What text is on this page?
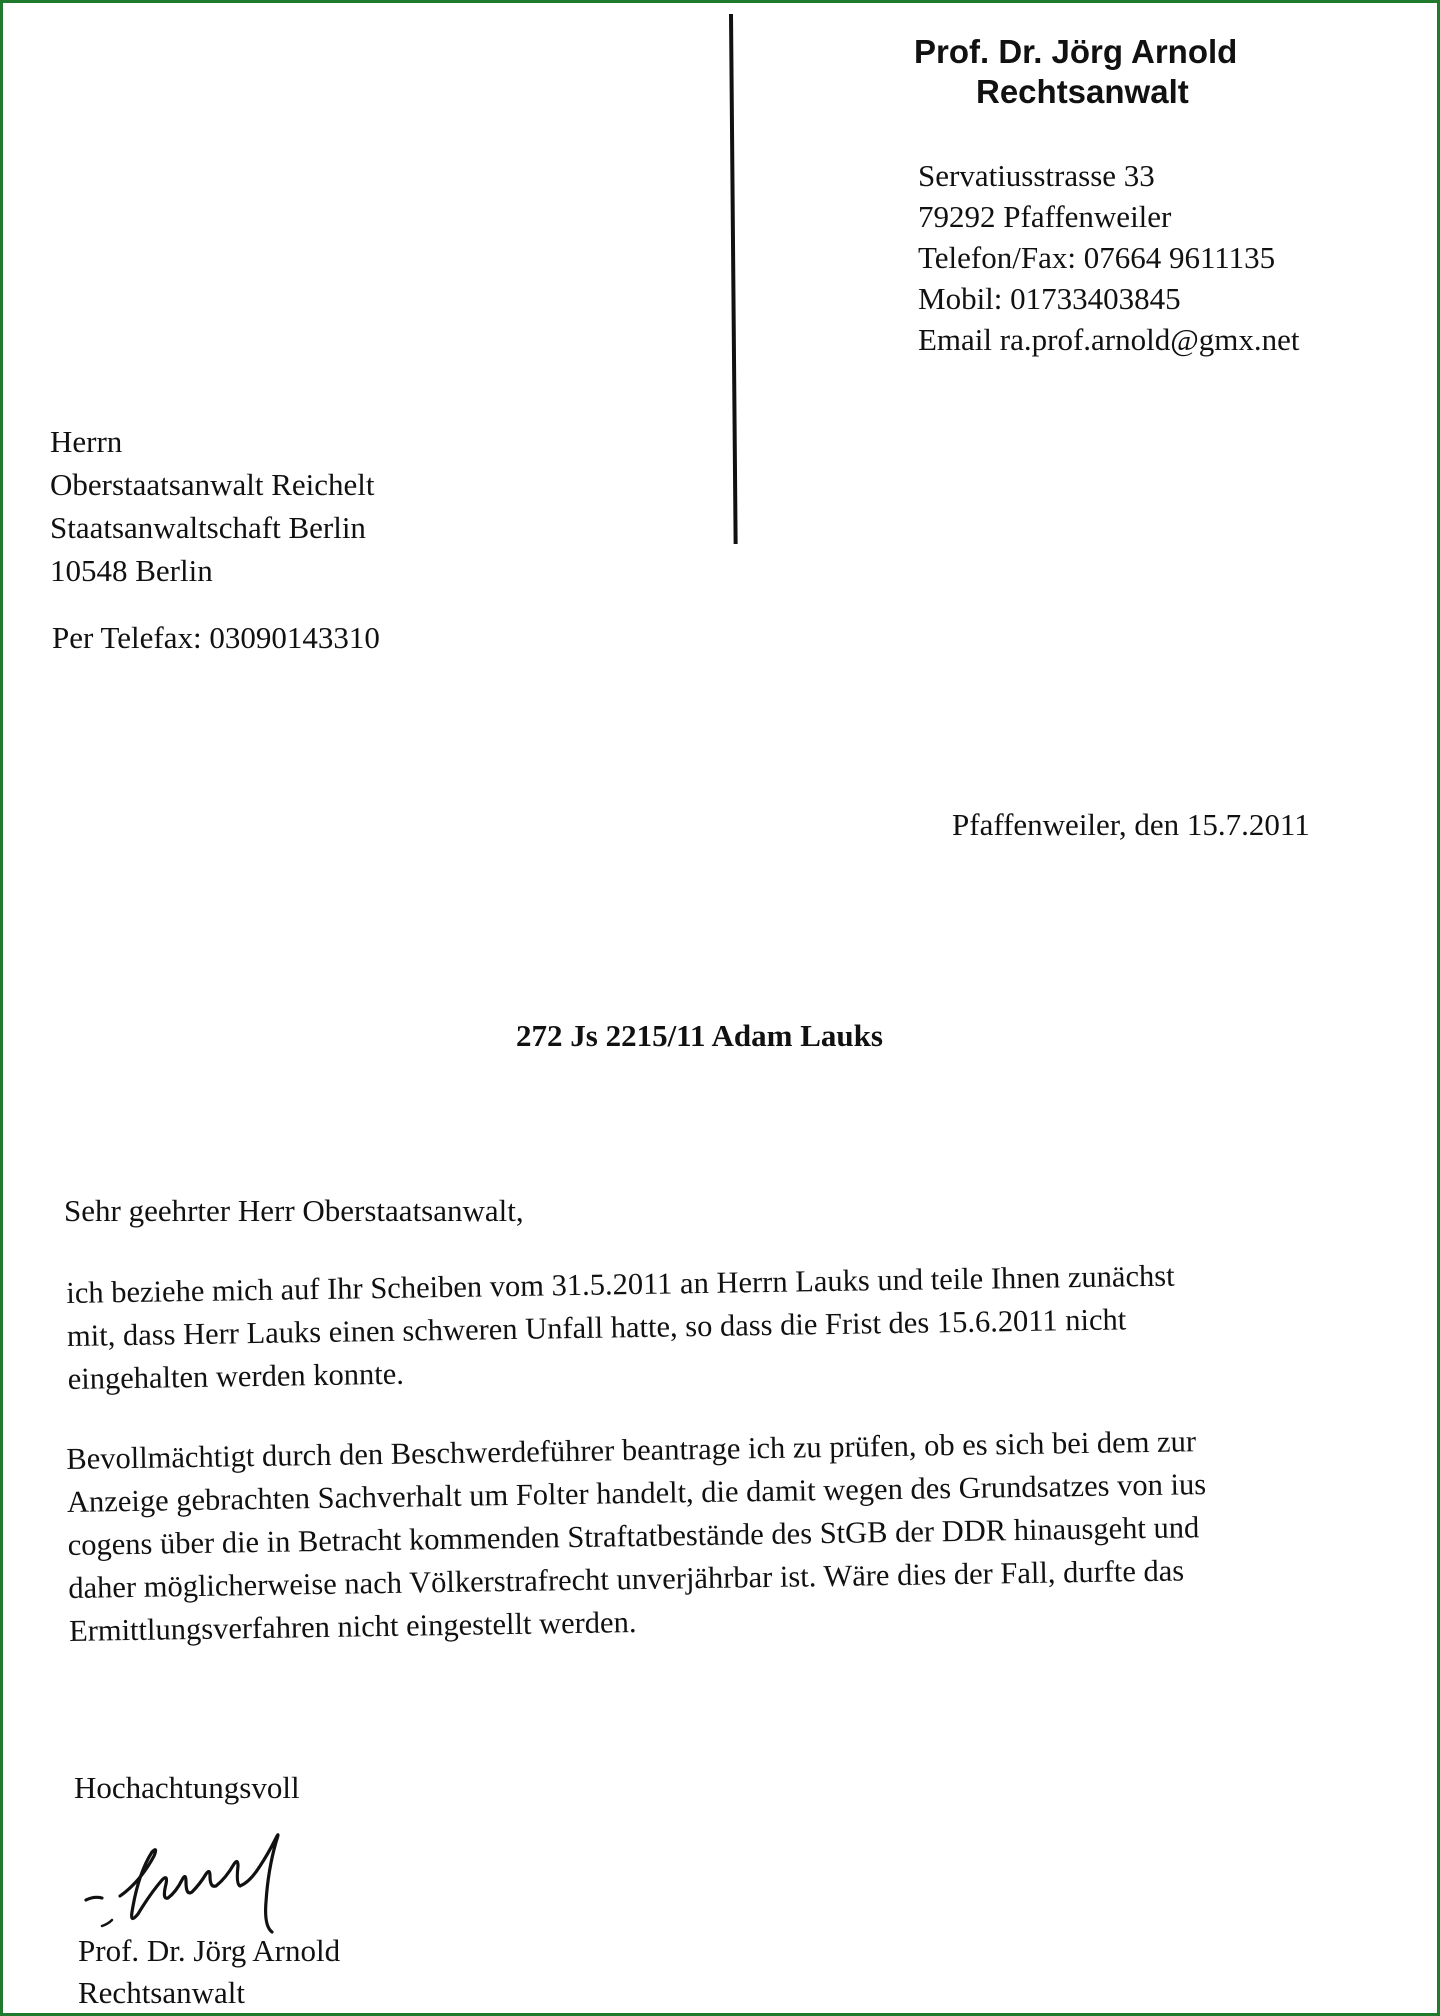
Prof. Dr. Jörg Arnold
Rechtsanwalt
Servatiusstrasse 33
79292 Pfaffenweiler
Telefon/Fax: 07664 9611135
Mobil: 01733403845
Email ra.prof.arnold@gmx.net
Herrn
Oberstaatsanwalt Reichelt
Staatsanwaltschaft Berlin
10548 Berlin
Per Telefax: 03090143310
Pfaffenweiler, den 15.7.2011
272 Js 2215/11 Adam Lauks
Sehr geehrter Herr Oberstaatsanwalt,
ich beziehe mich auf Ihr Scheiben vom 31.5.2011 an Herrn Lauks und teile Ihnen zunächst
mit, dass Herr Lauks einen schweren Unfall hatte, so dass die Frist des 15.6.2011 nicht
eingehalten werden konnte.
Bevollmächtigt durch den Beschwerdeführer beantrage ich zu prüfen, ob es sich bei dem zur
Anzeige gebrachten Sachverhalt um Folter handelt, die damit wegen des Grundsatzes von ius
cogens über die in Betracht kommenden Straftatbestände des StGB der DDR hinausgeht und
daher möglicherweise nach Völkerstrafrecht unverjährbar ist. Wäre dies der Fall, durfte das
Ermittlungsverfahren nicht eingestellt werden.
Hochachtungsvoll
Prof. Dr. Jörg Arnold
Rechtsanwalt
